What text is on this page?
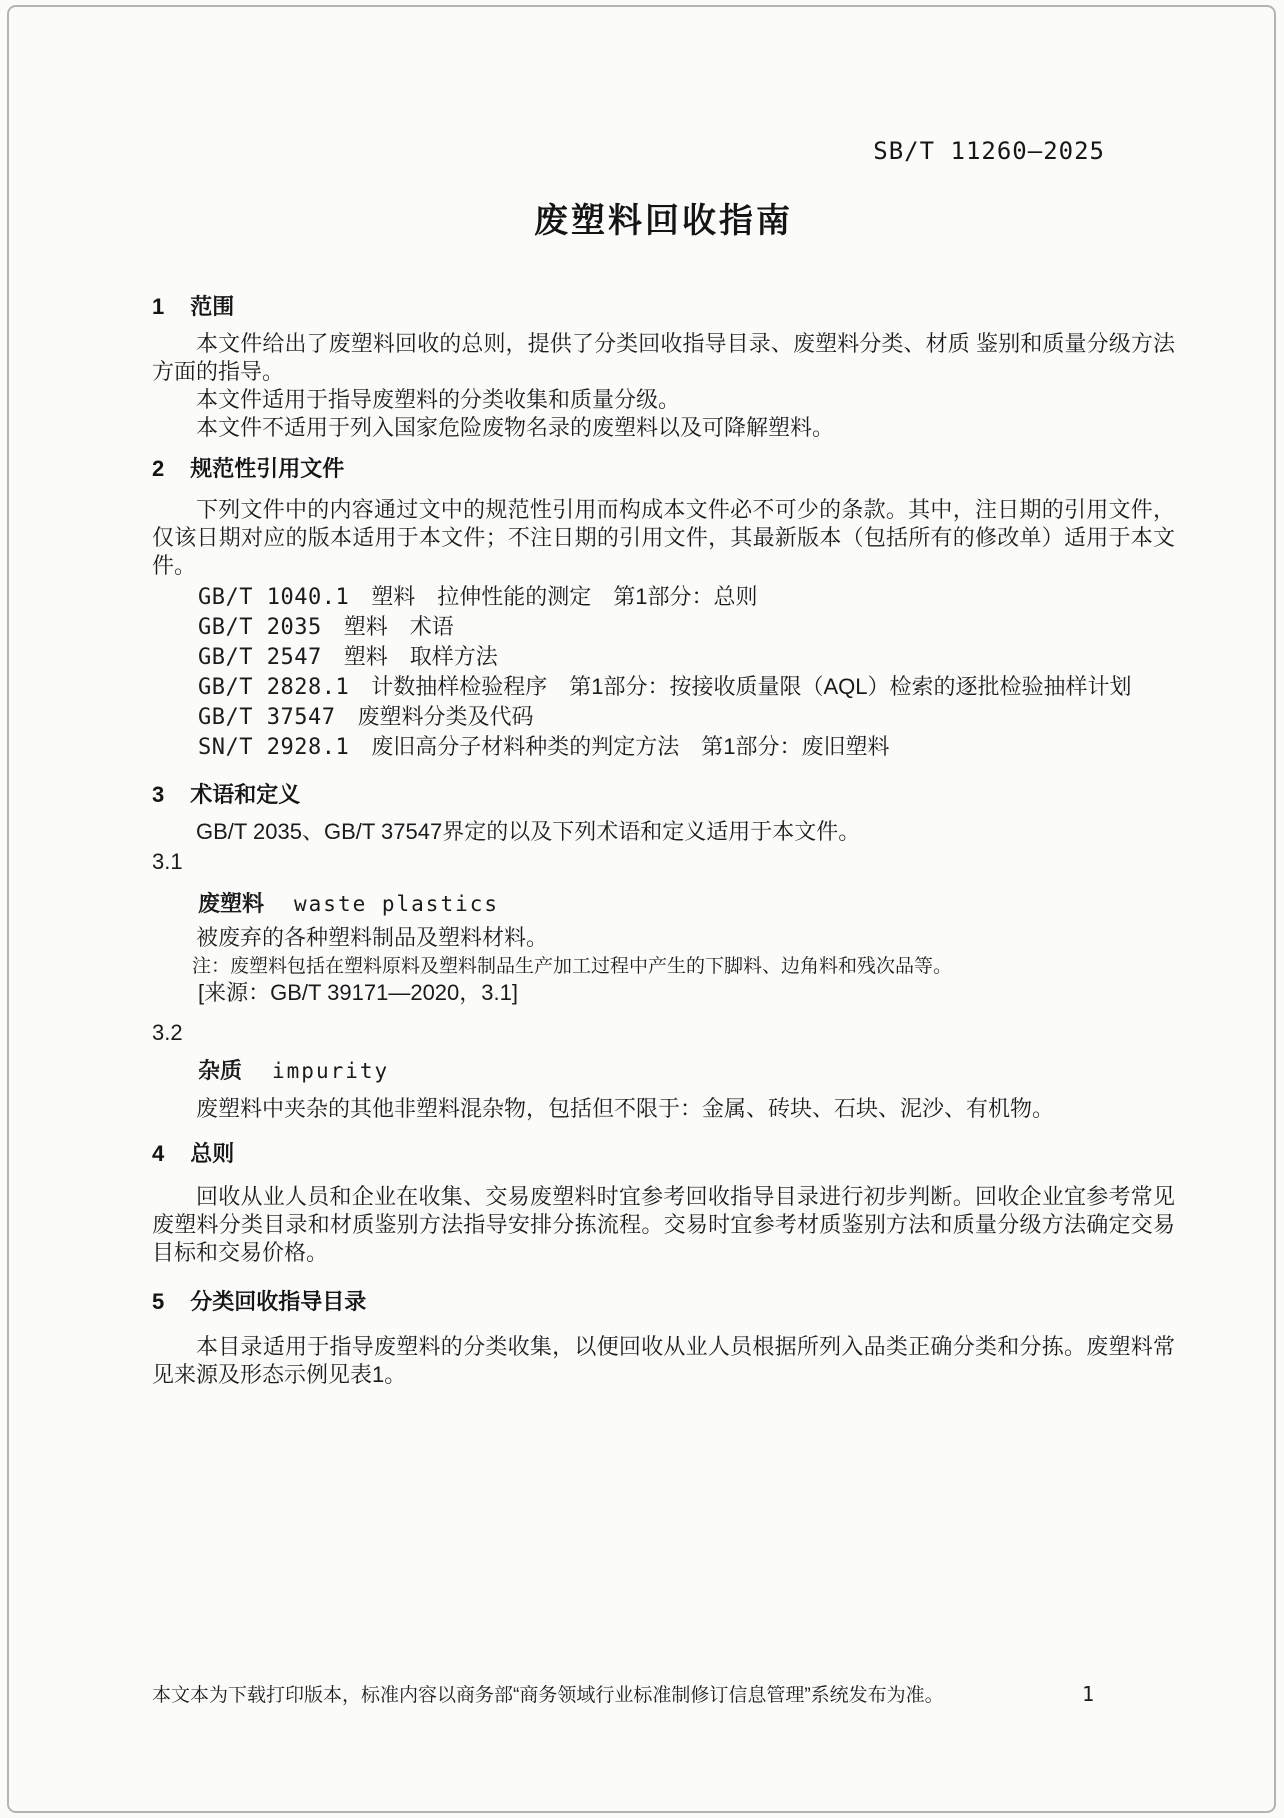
SB/T 11260—2025
废塑料回收指南
1 范围

本文件给出了废塑料回收的总则，提供了分类回收指导目录、废塑料分类、材质 鉴别和质量分级方法方面的指导。

本文件适用于指导废塑料的分类收集和质量分级。

本文件不适用于列入国家危险废物名录的废塑料以及可降解塑料。

2 规范性引用文件

下列文件中的内容通过文中的规范性引用而构成本文件必不可少的条款。其中，注日期的引用文件，仅该日期对应的版本适用于本文件；不注日期的引用文件，其最新版本（包括所有的修改单）适用于本文件。

GB/T 1040.1 塑料　拉伸性能的测定　第1部分：总则
GB/T 2035 塑料　术语
GB/T 2547 塑料　取样方法
GB/T 2828.1 计数抽样检验程序　第1部分：按接收质量限（AQL）检索的逐批检验抽样计划
GB/T 37547 废塑料分类及代码
SN/T 2928.1 废旧高分子材料种类的判定方法　第1部分：废旧塑料
3 术语和定义

GB/T 2035、GB/T 37547界定的以及下列术语和定义适用于本文件。

3.1
废塑料 waste plastics

被废弃的各种塑料制品及塑料材料。

注：废塑料包括在塑料原料及塑料制品生产加工过程中产生的下脚料、边角料和残次品等。
[来源：GB/T 39171—2020，3.1]
3.2
杂质 impurity

废塑料中夹杂的其他非塑料混杂物，包括但不限于：金属、砖块、石块、泥沙、有机物。

4 总则

回收从业人员和企业在收集、交易废塑料时宜参考回收指导目录进行初步判断。回收企业宜参考常见废塑料分类目录和材质鉴别方法指导安排分拣流程。交易时宜参考材质鉴别方法和质量分级方法确定交易目标和交易价格。

5 分类回收指导目录

本目录适用于指导废塑料的分类收集，以便回收从业人员根据所列入品类正确分类和分拣。废塑料常见来源及形态示例见表1。

本文本为下载打印版本，标准内容以商务部“商务领域行业标准制修订信息管理”系统发布为准。	1
